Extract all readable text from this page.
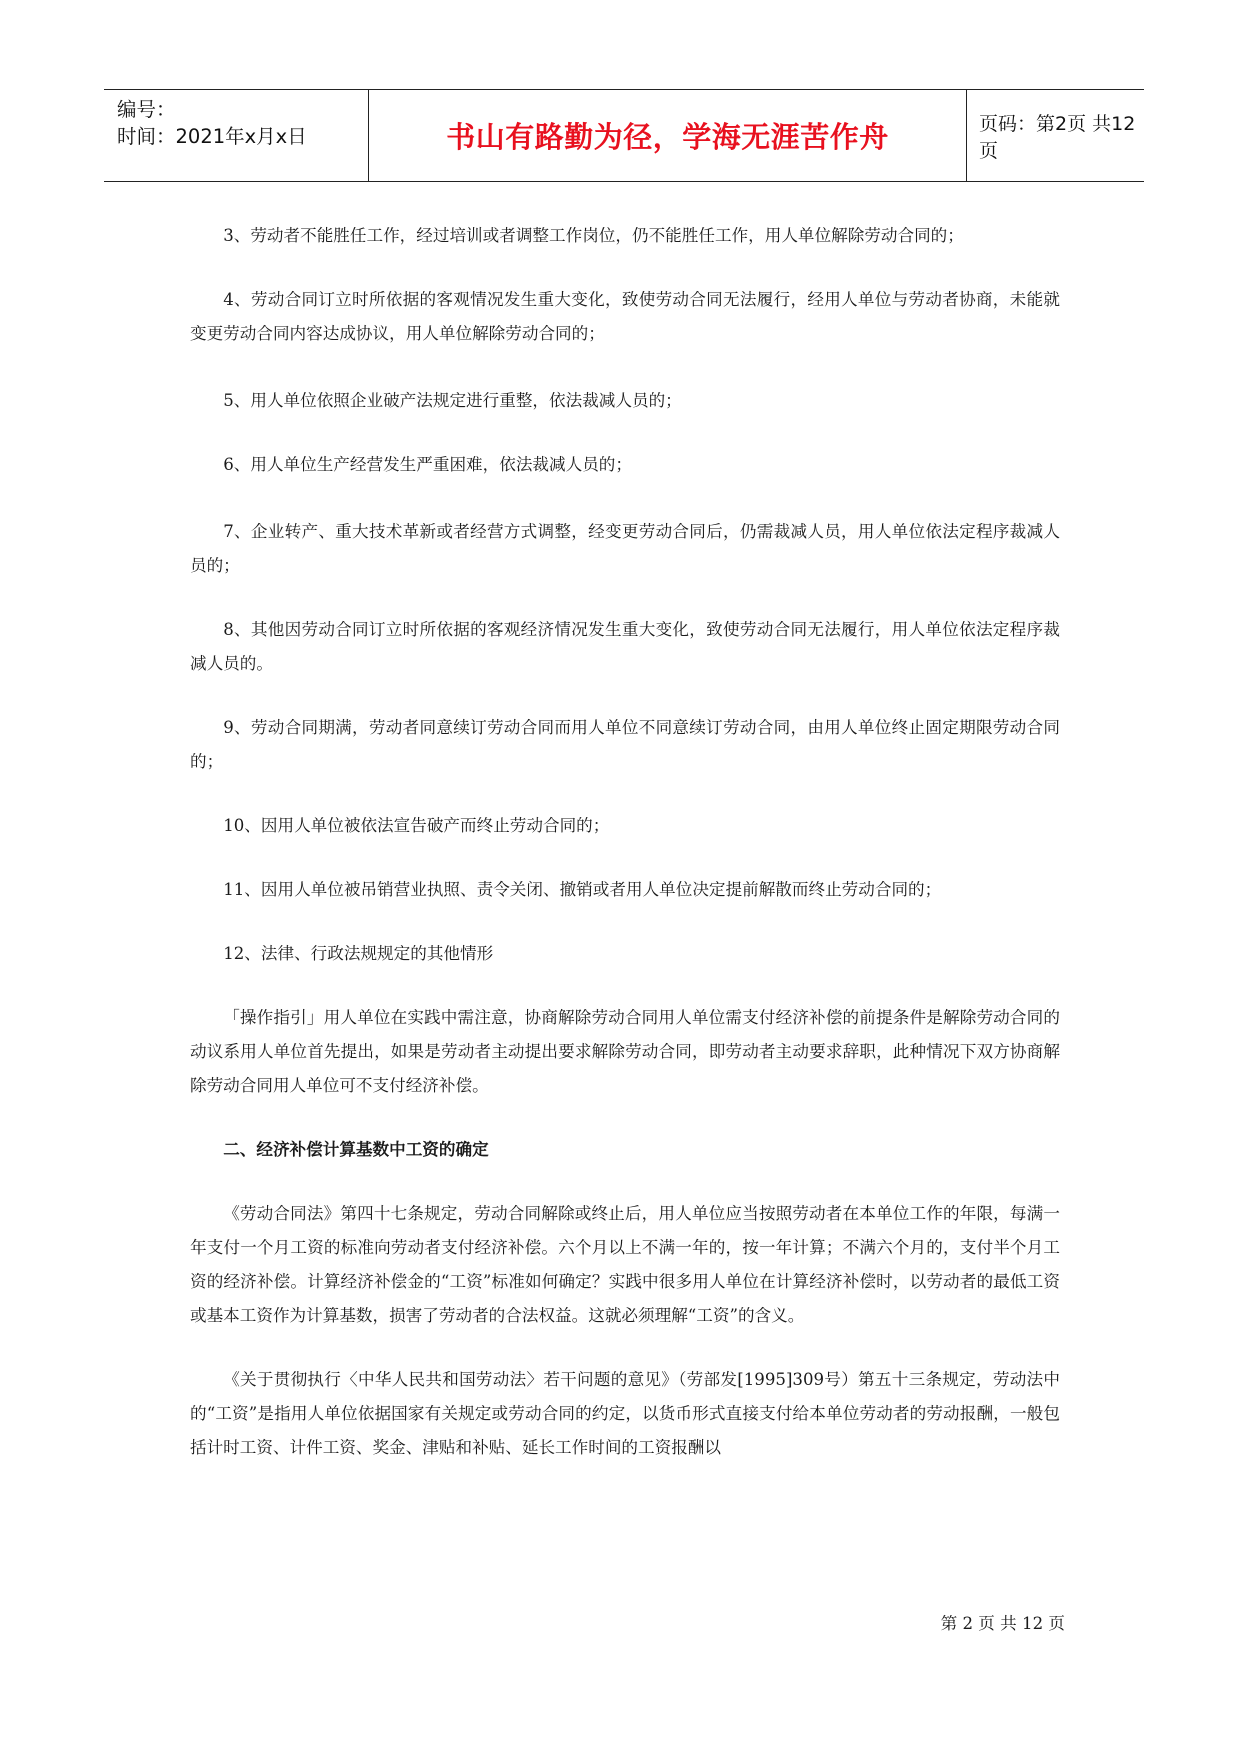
编号：
时间：2021年x月x日	书山有路勤为径，学海无涯苦作舟	页码：第2页 共12页

3、劳动者不能胜任工作，经过培训或者调整工作岗位，仍不能胜任工作，用人单位解除劳动合同的；

4、劳动合同订立时所依据的客观情况发生重大变化，致使劳动合同无法履行，经用人单位与劳动者协商，未能就变更劳动合同内容达成协议，用人单位解除劳动合同的；

5、用人单位依照企业破产法规定进行重整，依法裁减人员的；

6、用人单位生产经营发生严重困难，依法裁减人员的；

7、企业转产、重大技术革新或者经营方式调整，经变更劳动合同后，仍需裁减人员，用人单位依法定程序裁减人员的；

8、其他因劳动合同订立时所依据的客观经济情况发生重大变化，致使劳动合同无法履行，用人单位依法定程序裁减人员的。

9、劳动合同期满，劳动者同意续订劳动合同而用人单位不同意续订劳动合同，由用人单位终止固定期限劳动合同的；

10、因用人单位被依法宣告破产而终止劳动合同的；

11、因用人单位被吊销营业执照、责令关闭、撤销或者用人单位决定提前解散而终止劳动合同的；

12、法律、行政法规规定的其他情形

「操作指引」用人单位在实践中需注意，协商解除劳动合同用人单位需支付经济补偿的前提条件是解除劳动合同的动议系用人单位首先提出，如果是劳动者主动提出要求解除劳动合同，即劳动者主动要求辞职，此种情况下双方协商解除劳动合同用人单位可不支付经济补偿。

二、经济补偿计算基数中工资的确定

《劳动合同法》第四十七条规定，劳动合同解除或终止后，用人单位应当按照劳动者在本单位工作的年限，每满一年支付一个月工资的标准向劳动者支付经济补偿。六个月以上不满一年的，按一年计算；不满六个月的，支付半个月工资的经济补偿。计算经济补偿金的“工资”标准如何确定？实践中很多用人单位在计算经济补偿时，以劳动者的最低工资或基本工资作为计算基数，损害了劳动者的合法权益。这就必须理解“工资”的含义。

《关于贯彻执行〈中华人民共和国劳动法〉若干问题的意见》（劳部发[1995]309号）第五十三条规定，劳动法中的“工资”是指用人单位依据国家有关规定或劳动合同的约定，以货币形式直接支付给本单位劳动者的劳动报酬，一般包括计时工资、计件工资、奖金、津贴和补贴、延长工作时间的工资报酬以

第 2 页 共 12 页
